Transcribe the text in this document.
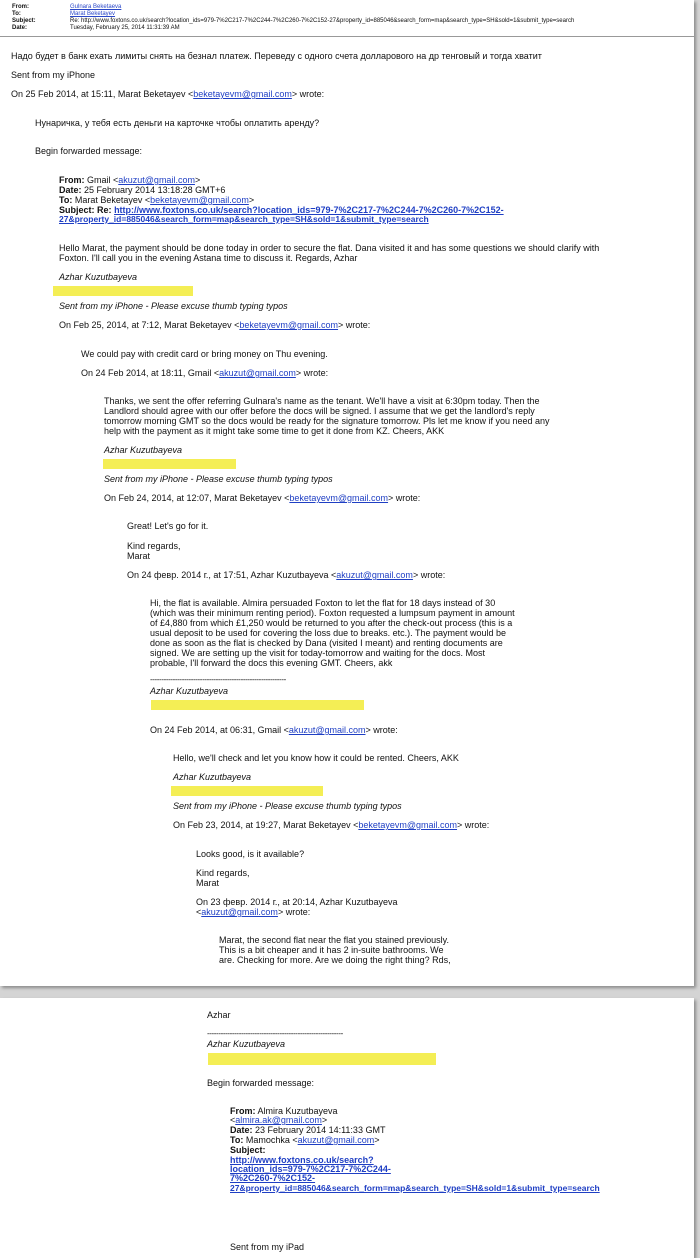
From:	Gulnara Beketaeva
To:	Marat Beketayev
Subject:	Re: http://www.foxtons.co.uk/search?location_ids=979-7%2C217-7%2C244-7%2C260-7%2C152-27&property_id=885046&search_form=map&search_type=SH&sold=1&submit_type=search
Date:	Tuesday, February 25, 2014 11:31:39 AM
Надо будет в банк ехать лимиты снять на безнал платеж. Переведу с одного счета долларового на др тенговый и тогда хватит
Sent from my iPhone
On 25 Feb 2014, at 15:11, Marat Beketayev <beketayevm@gmail.com> wrote:
Нунаричка, у тебя есть деньги на карточке чтобы оплатить аренду?
Begin forwarded message:
From: Gmail <akuzut@gmail.com>
Date: 25 February 2014 13:18:28 GMT+6
To: Marat Beketayev <beketayevm@gmail.com>
Subject: Re: http://www.foxtons.co.uk/search?location_ids=979-7%2C217-7%2C244-7%2C260-7%2C152-
27&property_id=885046&search_form=map&search_type=SH&sold=1&submit_type=search
Hello Marat, the payment should be done today in order to secure the flat. Dana visited it and has some questions we should clarify with
Foxton. I'll call you in the evening Astana time to discuss it. Regards, Azhar
Azhar Kuzutbayeva
Sent from my iPhone - Please excuse thumb typing typos
On Feb 25, 2014, at 7:12, Marat Beketayev <beketayevm@gmail.com> wrote:
We could pay with credit card or bring money on Thu evening.
On 24 Feb 2014, at 18:11, Gmail <akuzut@gmail.com> wrote:
Thanks, we sent the offer referring Gulnara's name as the tenant. We'll have a visit at 6:30pm today. Then the
Landlord should agree with our offer before the docs will be signed. I assume that we get the landlord's reply
tomorrow morning GMT so the docs would be ready for the signature tomorrow. Pls let me know if you need any
help with the payment as it might take some time to get it done from KZ. Cheers, AKK
Azhar Kuzutbayeva
Sent from my iPhone - Please excuse thumb typing typos
On Feb 24, 2014, at 12:07, Marat Beketayev <beketayevm@gmail.com> wrote:
Great! Let's go for it.
Kind regards,
Marat
On 24 февр. 2014 г., at 17:51, Azhar Kuzutbayeva <akuzut@gmail.com> wrote:
Hi, the flat is available. Almira persuaded Foxton to let the flat for 18 days instead of 30
(which was their minimum renting period). Foxton requested a lumpsum payment in amount
of £4,880 from which £1,250 would be returned to you after the check-out process (this is a
usual deposit to be used for covering the loss due to breaks. etc.). The payment would be
done as soon as the flat is checked by Dana (visited I meant) and renting documents are
signed. We are setting up the visit for today-tomorrow and waiting for the docs. Most
probable, I'll forward the docs this evening GMT. Cheers, akk
------------------------------------------------------------
Azhar Kuzutbayeva
On 24 Feb 2014, at 06:31, Gmail <akuzut@gmail.com> wrote:
Hello, we'll check and let you know how it could be rented. Cheers, AKK
Azhar Kuzutbayeva
Sent from my iPhone - Please excuse thumb typing typos
On Feb 23, 2014, at 19:27, Marat Beketayev <beketayevm@gmail.com> wrote:
Looks good, is it available?
Kind regards,
Marat
On 23 февр. 2014 г., at 20:14, Azhar Kuzutbayeva
<akuzut@gmail.com> wrote:
Marat, the second flat near the flat you stained previously.
This is a bit cheaper and it has 2 in-suite bathrooms. We
are. Checking for more. Are we doing the right thing? Rds,
Azhar
------------------------------------------------------------
Azhar Kuzutbayeva
Begin forwarded message:
From: Almira Kuzutbayeva
<almira.ak@gmail.com>
Date: 23 February 2014 14:11:33 GMT
To: Mamochka <akuzut@gmail.com>
Subject:
http://www.foxtons.co.uk/search?
location_ids=979-7%2C217-7%2C244-
7%2C260-7%2C152-
27&property_id=885046&search_form=map&search_type=SH&sold=1&submit_type=search
Sent from my iPad
